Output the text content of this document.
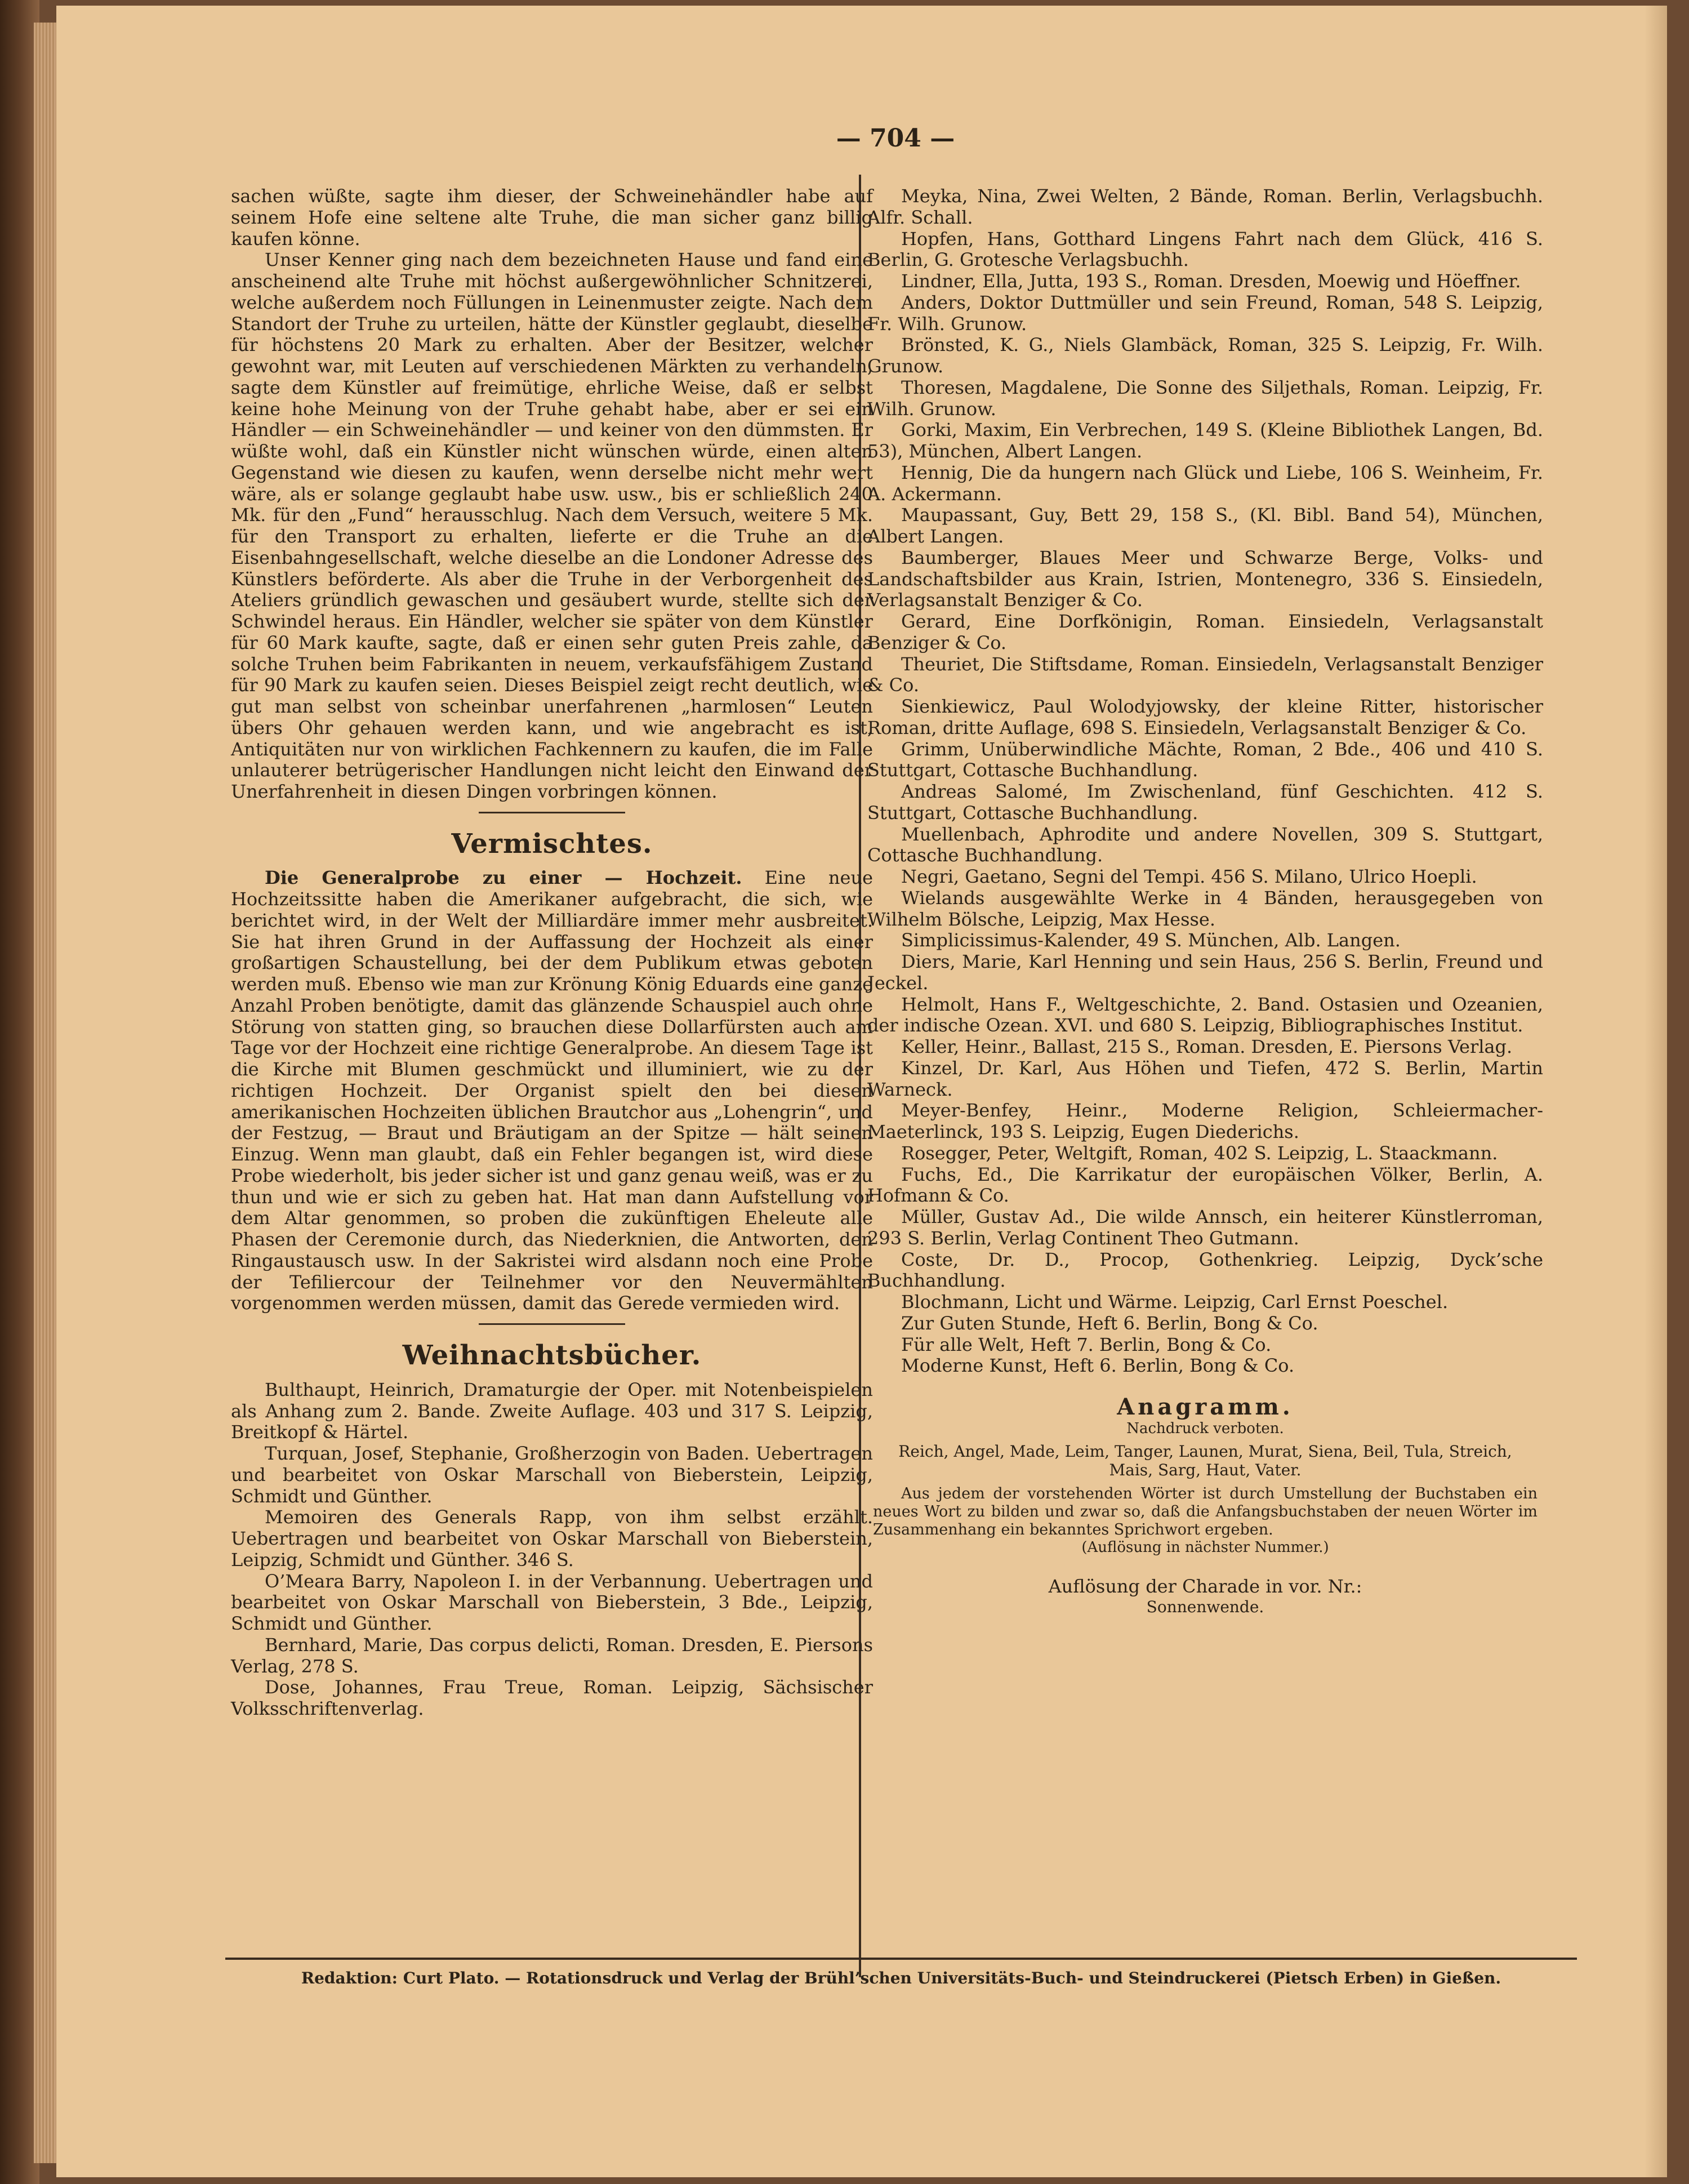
— 704 —

sachen wüßte, sagte ihm dieser, der Schweinehändler habe auf seinem Hofe eine seltene alte Truhe, die man sicher ganz billig kaufen könne.

Unser Kenner ging nach dem bezeichneten Hause und fand eine anscheinend alte Truhe mit höchst außergewöhnlicher Schnitzerei, welche außerdem noch Füllungen in Leinenmuster zeigte. Nach dem Standort der Truhe zu urteilen, hätte der Künstler geglaubt, dieselbe für höchstens 20 Mark zu erhalten. Aber der Besitzer, welcher gewohnt war, mit Leuten auf verschiedenen Märkten zu verhandeln, sagte dem Künstler auf freimütige, ehrliche Weise, daß er selbst keine hohe Meinung von der Truhe gehabt habe, aber er sei ein Händler — ein Schweinehändler — und keiner von den dümmsten. Er wüßte wohl, daß ein Künstler nicht wünschen würde, einen alten Gegenstand wie diesen zu kaufen, wenn derselbe nicht mehr wert wäre, als er solange geglaubt habe usw. usw., bis er schließlich 240 Mk. für den „Fund“ herausschlug. Nach dem Versuch, weitere 5 Mk. für den Transport zu erhalten, lieferte er die Truhe an die Eisenbahngesellschaft, welche dieselbe an die Londoner Adresse des Künstlers beförderte. Als aber die Truhe in der Verborgenheit des Ateliers gründlich gewaschen und gesäubert wurde, stellte sich der Schwindel heraus. Ein Händler, welcher sie später von dem Künstler für 60 Mark kaufte, sagte, daß er einen sehr guten Preis zahle, da solche Truhen beim Fabrikanten in neuem, verkaufsfähigem Zustand für 90 Mark zu kaufen seien. Dieses Beispiel zeigt recht deutlich, wie gut man selbst von scheinbar unerfahrenen „harmlosen“ Leuten übers Ohr gehauen werden kann, und wie angebracht es ist, Antiquitäten nur von wirklichen Fachkennern zu kaufen, die im Falle unlauterer betrügerischer Handlungen nicht leicht den Einwand der Unerfahrenheit in diesen Dingen vorbringen können.

Vermischtes.

Die Generalprobe zu einer — Hochzeit. Eine neue Hochzeitssitte haben die Amerikaner aufgebracht, die sich, wie berichtet wird, in der Welt der Milliardäre immer mehr ausbreitet. Sie hat ihren Grund in der Auffassung der Hochzeit als einer großartigen Schaustellung, bei der dem Publikum etwas geboten werden muß. Ebenso wie man zur Krönung König Eduards eine ganze Anzahl Proben benötigte, damit das glänzende Schauspiel auch ohne Störung von statten ging, so brauchen diese Dollarfürsten auch am Tage vor der Hochzeit eine richtige Generalprobe. An diesem Tage ist die Kirche mit Blumen geschmückt und illuminiert, wie zu der richtigen Hochzeit. Der Organist spielt den bei diesen amerikanischen Hochzeiten üblichen Brautchor aus „Lohengrin“, und der Festzug, — Braut und Bräutigam an der Spitze — hält seinen Einzug. Wenn man glaubt, daß ein Fehler begangen ist, wird diese Probe wiederholt, bis jeder sicher ist und ganz genau weiß, was er zu thun und wie er sich zu geben hat. Hat man dann Aufstellung vor dem Altar genommen, so proben die zukünftigen Eheleute alle Phasen der Ceremonie durch, das Niederknien, die Antworten, den Ringaustausch usw. In der Sakristei wird alsdann noch eine Probe der Tefiliercour der Teilnehmer vor den Neuvermählten vorgenommen werden müssen, damit das Gerede vermieden wird.

Weihnachtsbücher.

Bulthaupt, Heinrich, Dramaturgie der Oper. mit Notenbeispielen als Anhang zum 2. Bande. Zweite Auflage. 403 und 317 S. Leipzig, Breitkopf & Härtel.

Turquan, Josef, Stephanie, Großherzogin von Baden. Uebertragen und bearbeitet von Oskar Marschall von Bieberstein, Leipzig, Schmidt und Günther.

Memoiren des Generals Rapp, von ihm selbst erzählt. Uebertragen und bearbeitet von Oskar Marschall von Bieberstein, Leipzig, Schmidt und Günther. 346 S.

O’Meara Barry, Napoleon I. in der Verbannung. Uebertragen und bearbeitet von Oskar Marschall von Bieberstein, 3 Bde., Leipzig, Schmidt und Günther.

Bernhard, Marie, Das corpus delicti, Roman. Dresden, E. Piersons Verlag, 278 S.

Dose, Johannes, Frau Treue, Roman. Leipzig, Sächsischer Volksschriftenverlag.

Meyka, Nina, Zwei Welten, 2 Bände, Roman. Berlin, Verlagsbuchh. Alfr. Schall.

Hopfen, Hans, Gotthard Lingens Fahrt nach dem Glück, 416 S. Berlin, G. Grotesche Verlagsbuchh.

Lindner, Ella, Jutta, 193 S., Roman. Dresden, Moewig und Höeffner.

Anders, Doktor Duttmüller und sein Freund, Roman, 548 S. Leipzig, Fr. Wilh. Grunow.

Brönsted, K. G., Niels Glambäck, Roman, 325 S. Leipzig, Fr. Wilh. Grunow.

Thoresen, Magdalene, Die Sonne des Siljethals, Roman. Leipzig, Fr. Wilh. Grunow.

Gorki, Maxim, Ein Verbrechen, 149 S. (Kleine Bibliothek Langen, Bd. 53), München, Albert Langen.

Hennig, Die da hungern nach Glück und Liebe, 106 S. Weinheim, Fr. A. Ackermann.

Maupassant, Guy, Bett 29, 158 S., (Kl. Bibl. Band 54), München, Albert Langen.

Baumberger, Blaues Meer und Schwarze Berge, Volks- und Landschaftsbilder aus Krain, Istrien, Montenegro, 336 S. Einsiedeln, Verlagsanstalt Benziger & Co.

Gerard, Eine Dorfkönigin, Roman. Einsiedeln, Verlagsanstalt Benziger & Co.

Theuriet, Die Stiftsdame, Roman. Einsiedeln, Verlagsanstalt Benziger & Co.

Sienkiewicz, Paul Wolodyjowsky, der kleine Ritter, historischer Roman, dritte Auflage, 698 S. Einsiedeln, Verlagsanstalt Benziger & Co.

Grimm, Unüberwindliche Mächte, Roman, 2 Bde., 406 und 410 S. Stuttgart, Cottasche Buchhandlung.

Andreas Salomé, Im Zwischenland, fünf Geschichten. 412 S. Stuttgart, Cottasche Buchhandlung.

Muellenbach, Aphrodite und andere Novellen, 309 S. Stuttgart, Cottasche Buchhandlung.

Negri, Gaetano, Segni del Tempi. 456 S. Milano, Ulrico Hoepli.

Wielands ausgewählte Werke in 4 Bänden, herausgegeben von Wilhelm Bölsche, Leipzig, Max Hesse.

Simplicissimus-Kalender, 49 S. München, Alb. Langen.

Diers, Marie, Karl Henning und sein Haus, 256 S. Berlin, Freund und Jeckel.

Helmolt, Hans F., Weltgeschichte, 2. Band. Ostasien und Ozeanien, der indische Ozean. XVI. und 680 S. Leipzig, Bibliographisches Institut.

Keller, Heinr., Ballast, 215 S., Roman. Dresden, E. Piersons Verlag.

Kinzel, Dr. Karl, Aus Höhen und Tiefen, 472 S. Berlin, Martin Warneck.

Meyer-Benfey, Heinr., Moderne Religion, Schleiermacher-Maeterlinck, 193 S. Leipzig, Eugen Diederichs.

Rosegger, Peter, Weltgift, Roman, 402 S. Leipzig, L. Staackmann.

Fuchs, Ed., Die Karrikatur der europäischen Völker, Berlin, A. Hofmann & Co.

Müller, Gustav Ad., Die wilde Annsch, ein heiterer Künstlerroman, 293 S. Berlin, Verlag Continent Theo Gutmann.

Coste, Dr. D., Procop, Gothenkrieg. Leipzig, Dyck’sche Buchhandlung.

Blochmann, Licht und Wärme. Leipzig, Carl Ernst Poeschel.

Zur Guten Stunde, Heft 6. Berlin, Bong & Co.

Für alle Welt, Heft 7. Berlin, Bong & Co.

Moderne Kunst, Heft 6. Berlin, Bong & Co.

Anagramm.
Nachdruck verboten.
Reich, Angel, Made, Leim, Tanger, Launen, Murat, Siena, Beil, Tula, Streich, Mais, Sarg, Haut, Vater.

Aus jedem der vorstehenden Wörter ist durch Umstellung der Buchstaben ein neues Wort zu bilden und zwar so, daß die Anfangsbuchstaben der neuen Wörter im Zusammenhang ein bekanntes Sprichwort ergeben.

(Auflösung in nächster Nummer.)
Auflösung der Charade in vor. Nr.:
Sonnenwende.
Redaktion: Curt Plato. — Rotationsdruck und Verlag der Brühl’schen Universitäts-Buch- und Steindruckerei (Pietsch Erben) in Gießen.
